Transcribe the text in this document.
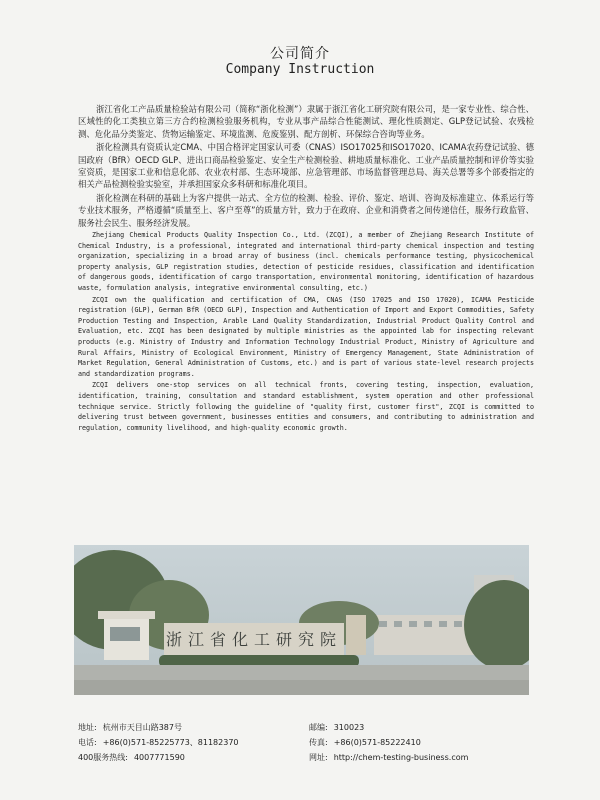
公司简介
Company Instruction

浙江省化工产品质量检验站有限公司（简称“浙化检测”）隶属于浙江省化工研究院有限公司，是一家专业性、综合性、区域性的化工类独立第三方合约检测检验服务机构，专业从事产品综合性能测试、理化性质测定、GLP登记试验、农残检测、危化品分类鉴定、货物运输鉴定、环境监测、危废鉴别、配方剖析、环保综合咨询等业务。

浙化检测具有资质认定CMA、中国合格评定国家认可委（CNAS）ISO17025和ISO17020、ICAMA农药登记试验、德国政府（BfR）OECD GLP、进出口商品检验鉴定、安全生产检测检验、耕地质量标准化、工业产品质量控制和评价等实验室资质，是国家工业和信息化部、农业农村部、生态环境部、应急管理部、市场监督管理总局、海关总署等多个部委指定的相关产品检测检验实验室，并承担国家众多科研和标准化项目。

浙化检测在科研的基础上为客户提供一站式、全方位的检测、检验、评价、鉴定、培训、咨询及标准建立、体系运行等专业技术服务，严格遵循“质量至上、客户至尊”的质量方针，致力于在政府、企业和消费者之间传递信任，服务行政监管、服务社会民生、服务经济发展。

Zhejiang Chemical Products Quality Inspection Co., Ltd. (ZCQI), a member of Zhejiang Research Institute of Chemical Industry, is a professional, integrated and international third-party chemical inspection and testing organization, specializing in a broad array of business (incl. chemicals performance testing, physicochemical property analysis, GLP registration studies, detection of pesticide residues, classification and identification of dangerous goods, identification of cargo transportation, environmental monitoring, identification of hazardous waste, formulation analysis, integrative environmental consulting, etc.)

ZCQI own the qualification and certification of CMA, CNAS (ISO 17025 and ISO 17020), ICAMA Pesticide registration (GLP), German BfR (OECD GLP), Inspection and Authentication of Import and Export Commodities, Safety Production Testing and Inspection, Arable Land Quality Standardization, Industrial Product Quality Control and Evaluation, etc. ZCQI has been designated by multiple ministries as the appointed lab for inspecting relevant products (e.g. Ministry of Industry and Information Technology Industrial Product, Ministry of Agriculture and Rural Affairs, Ministry of Ecological Environment, Ministry of Emergency Management, State Administration of Market Regulation, General Administration of Customs, etc.) and is part of various state-level research projects and standardization programs.

ZCQI delivers one-stop services on all technical fronts, covering testing, inspection, evaluation, identification, training, consultation and standard establishment, system operation and other professional technique service. Strictly following the guideline of "quality first, customer first", ZCQI is committed to delivering trust between government, businesses entities and consumers, and contributing to administration and regulation, community livelihood, and high-quality economic growth.

浙江省化工研究院
地址: 杭州市天目山路387号
电话: +86(0)571-85225773、81182370
400服务热线: 4007771590
邮编: 310023
传真: +86(0)571-85222410
网址: http://chem-testing-business.com
